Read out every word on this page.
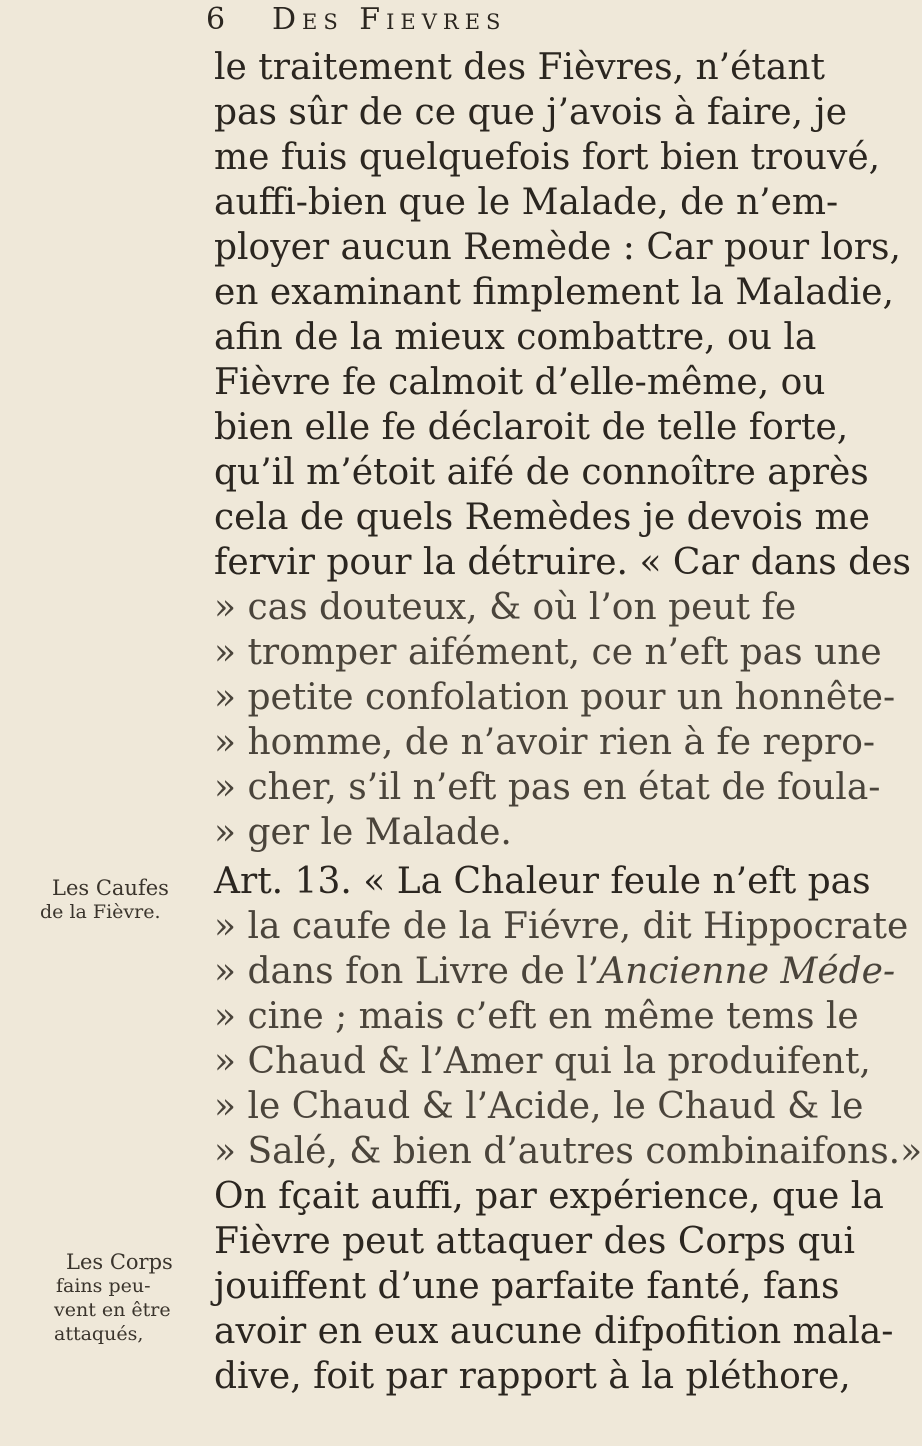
6 Des Fievres
le traitement des Fièvres, n’étant
pas sûr de ce que j’avois à faire, je
me fuis quelquefois fort bien trouvé,
auffi-bien que le Malade, de n’em-
ployer aucun Remède : Car pour lors,
en examinant fimplement la Maladie,
afin de la mieux combattre, ou la
Fièvre fe calmoit d’elle-même, ou
bien elle fe déclaroit de telle forte,
qu’il m’étoit aifé de connoître après
cela de quels Remèdes je devois me
fervir pour la détruire. « Car dans des
» cas douteux, & où l’on peut fe
» tromper aifément, ce n’eft pas une
» petite confolation pour un honnête-
» homme, de n’avoir rien à fe repro-
» cher, s’il n’eft pas en état de foula-
» ger le Malade.
Art. 13. « La Chaleur feule n’eft pas
» la caufe de la Fiévre, dit Hippocrate
» dans fon Livre de l’Ancienne Méde-
» cine ; mais c’eft en même tems le
» Chaud & l’Amer qui la produifent,
» le Chaud & l’Acide, le Chaud & le
» Salé, & bien d’autres combinaifons.»
On fçait auffi, par expérience, que la
Fièvre peut attaquer des Corps qui
jouiffent d’une parfaite fanté, fans
avoir en eux aucune difpofition mala-
dive, foit par rapport à la pléthore,
Les Caufes
de la Fièvre.
Les Corps
fains peu-
vent en être
attaqués,
